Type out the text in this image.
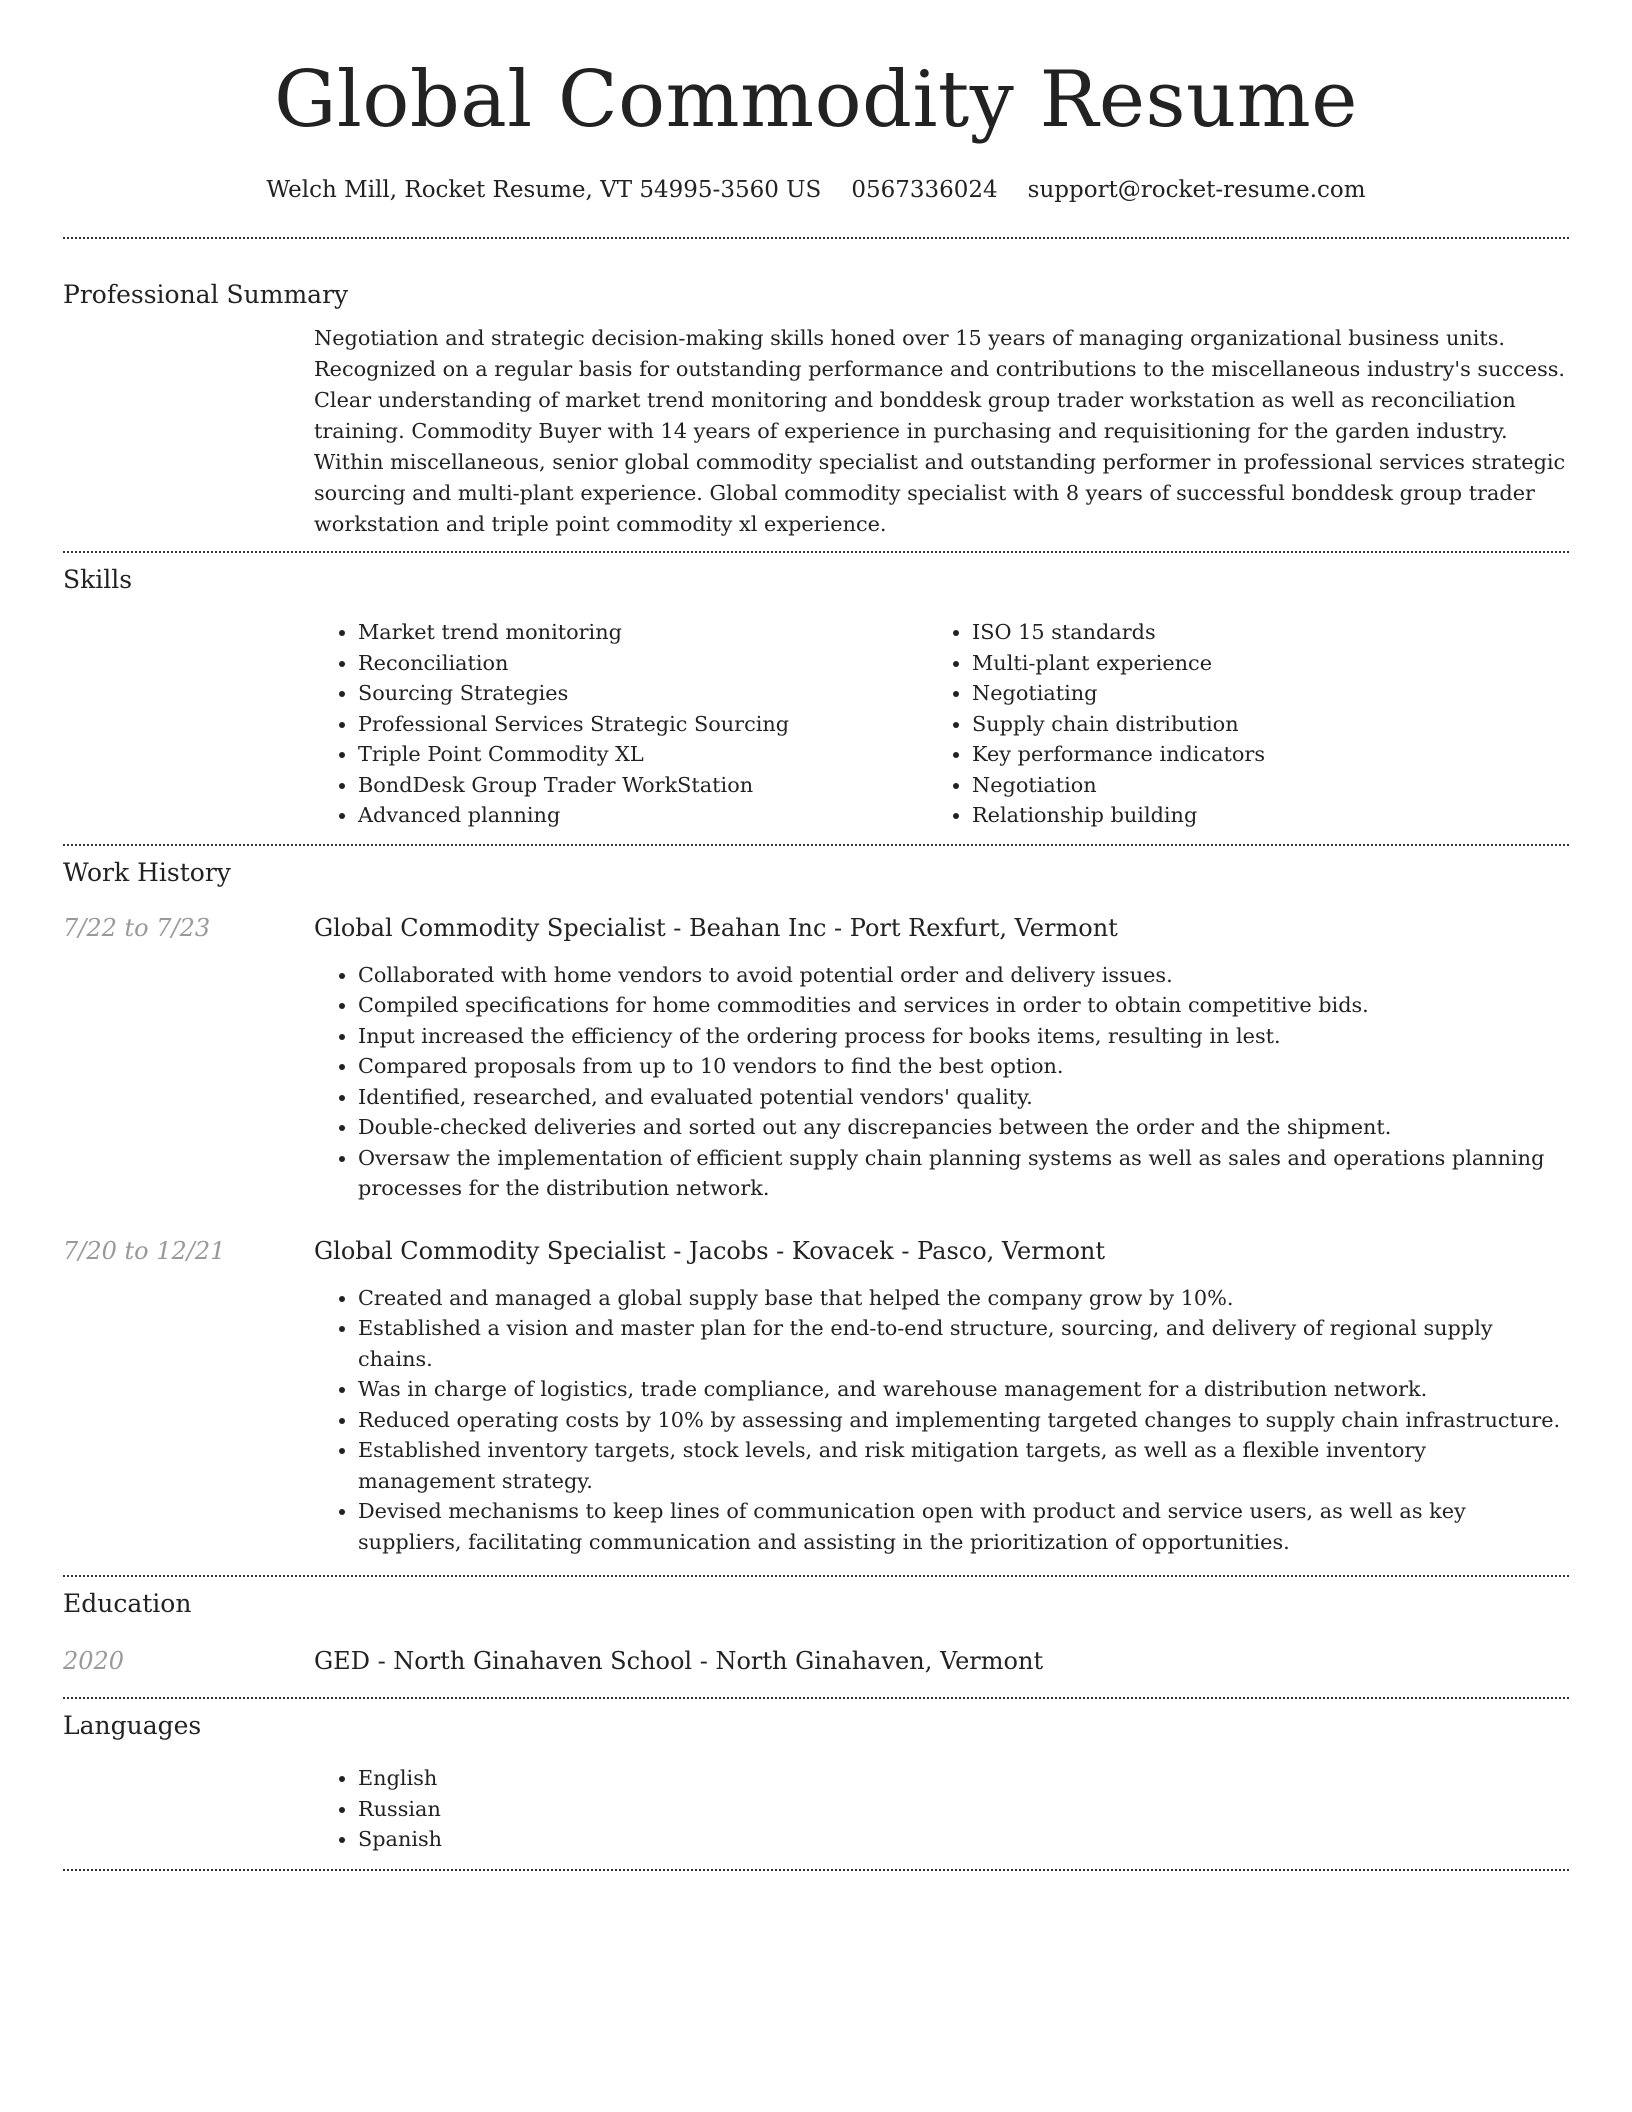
Global Commodity Resume
Welch Mill, Rocket Resume, VT 54995-3560 US 0567336024 support@rocket-resume.com
Professional Summary

Negotiation and strategic decision-making skills honed over 15 years of managing organizational business units. Recognized on a regular basis for outstanding performance and contributions to the miscellaneous industry's success. Clear understanding of market trend monitoring and bonddesk group trader workstation as well as reconciliation training. Commodity Buyer with 14 years of experience in purchasing and requisitioning for the garden industry. Within miscellaneous, senior global commodity specialist and outstanding performer in professional services strategic sourcing and multi-plant experience. Global commodity specialist with 8 years of successful bonddesk group trader workstation and triple point commodity xl experience.

Skills
• Market trend monitoring
• Reconciliation
• Sourcing Strategies
• Professional Services Strategic Sourcing
• Triple Point Commodity XL
• BondDesk Group Trader WorkStation
• Advanced planning
• ISO 15 standards
• Multi-plant experience
• Negotiating
• Supply chain distribution
• Key performance indicators
• Negotiation
• Relationship building
Work History
7/22 to 7/23	Global Commodity Specialist - Beahan Inc - Port Rexfurt, Vermont
• Collaborated with home vendors to avoid potential order and delivery issues.
• Compiled specifications for home commodities and services in order to obtain competitive bids.
• Input increased the efficiency of the ordering process for books items, resulting in lest.
• Compared proposals from up to 10 vendors to find the best option.
• Identified, researched, and evaluated potential vendors' quality.
• Double-checked deliveries and sorted out any discrepancies between the order and the shipment.
• Oversaw the implementation of efficient supply chain planning systems as well as sales and operations planning processes for the distribution network.
7/20 to 12/21	Global Commodity Specialist - Jacobs - Kovacek - Pasco, Vermont
• Created and managed a global supply base that helped the company grow by 10%.
• Established a vision and master plan for the end-to-end structure, sourcing, and delivery of regional supply chains.
• Was in charge of logistics, trade compliance, and warehouse management for a distribution network.
• Reduced operating costs by 10% by assessing and implementing targeted changes to supply chain infrastructure.
• Established inventory targets, stock levels, and risk mitigation targets, as well as a flexible inventory management strategy.
• Devised mechanisms to keep lines of communication open with product and service users, as well as key suppliers, facilitating communication and assisting in the prioritization of opportunities.
Education
2020	GED - North Ginahaven School - North Ginahaven, Vermont
Languages
• English
• Russian
• Spanish
